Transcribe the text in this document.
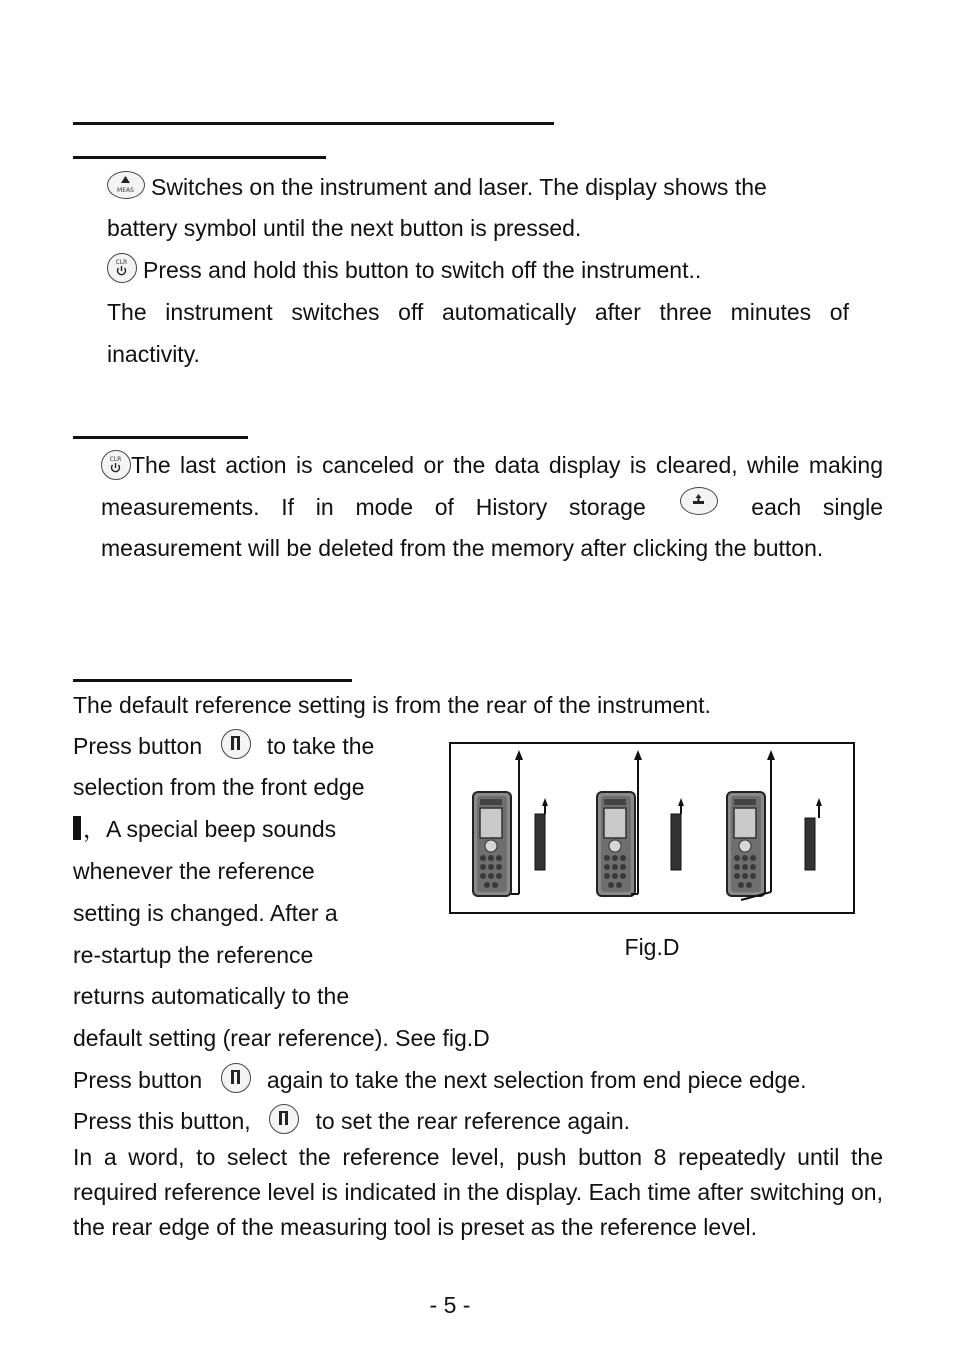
MEAS Switches on the instrument and laser. The display shows the
battery symbol until the next button is pressed.
CLR Press and hold this button to switch off the instrument..
The instrument switches off automatically after three minutes of
inactivity.
CLR The last action is canceled or the data display is cleared, while making measurements. If in mode of History storage	each single measurement will be deleted from the memory after clicking the button.
The default reference setting is from the rear of the instrument.
Press button	to take the
selection from the front edge
，A special beep sounds
whenever the reference
setting is changed. After a
re-startup the reference
returns automatically to the
Fig.D
default setting (rear reference). See fig.D
Press button	again to take the next selection from end piece edge.
Press this button,	to set the rear reference again.
In a word, to select the reference level, push button 8 repeatedly until the required reference level is indicated in the display. Each time after switching on, the rear edge of the measuring tool is preset as the reference level.
- 5 -
